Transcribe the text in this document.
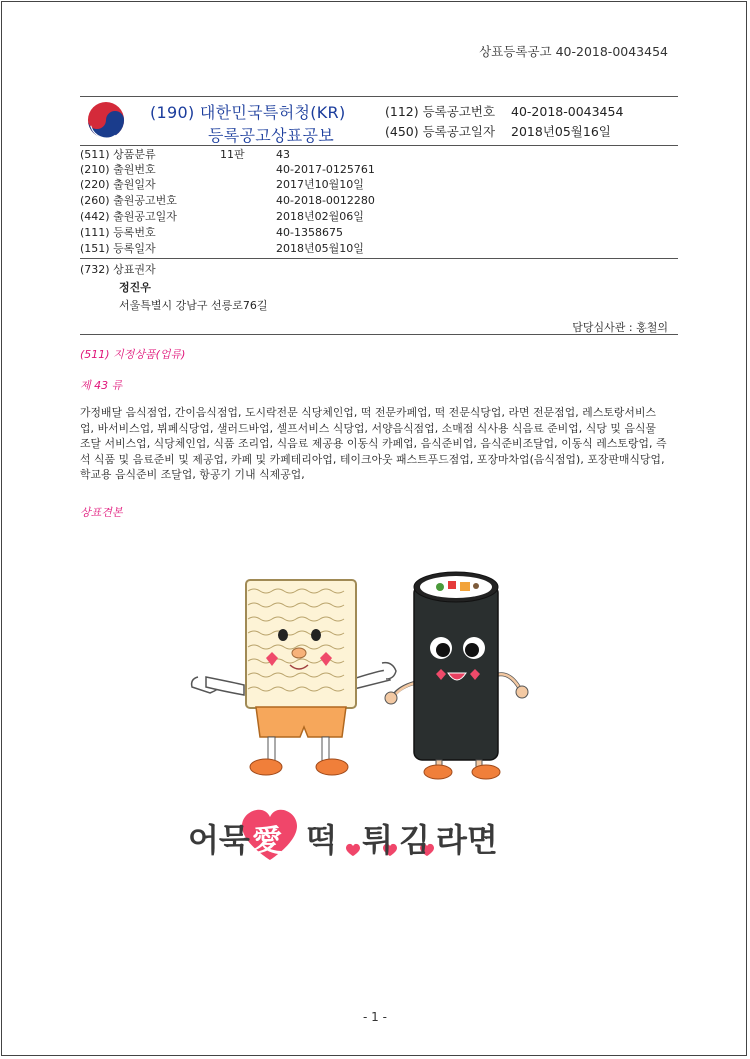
상표등록공고 40-2018-0043454
(190) 대한민국특허청(KR)
등록공고상표공보
(112) 등록공고번호 40-2018-0043454
(450) 등록공고일자 2018년05월16일
(511) 상품분류	11판	43
(210) 출원번호	40-2017-0125761
(220) 출원일자	2017년10월10일
(260) 출원공고번호	40-2018-0012280
(442) 출원공고일자	2018년02월06일
(111) 등록번호	40-1358675
(151) 등록일자	2018년05월10일
(732) 상표권자
정진우
서울특별시 강남구 선릉로76길
담당심사관 : 홍철의
(511) 지정상품(업류)
제 43 류
가정배달 음식점업, 간이음식점업, 도시락전문 식당체인업, 떡 전문카페업, 떡 전문식당업, 라면 전문점업, 레스토랑서비스업, 바서비스업, 뷔페식당업, 샐러드바업, 셀프서비스 식당업, 서양음식점업, 소매점 식사용 식음료 준비업, 식당 및 음식물 조달 서비스업, 식당체인업, 식품 조리업, 식음료 제공용 이동식 카페업, 음식준비업, 음식준비조달업, 이동식 레스토랑업, 즉석 식품 및 음료준비 및 제공업, 카페 및 카페테리아업, 테이크아웃 패스트푸드점업, 포장마차업(음식점업), 포장판매식당업, 학교용 음식준비 조달업, 항공기 기내 식제공업,
상표견본
어묵 愛 떡 튀 김 라면
- 1 -
